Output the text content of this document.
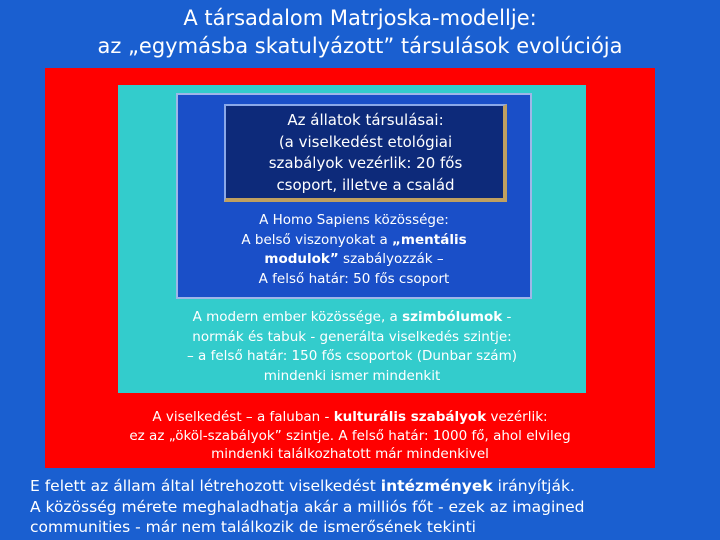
A társadalom Matrjoska-modellje:
az „egymásba skatulyázott” társulások evolúciója
Az állatok társulásai:
(a viselkedést etológiai
szabályok vezérlik: 20 fős
csoport, illetve a család
A Homo Sapiens közössége:
A belső viszonyokat a „mentális
modulok” szabályozzák –
A felső határ: 50 fős csoport
A modern ember közössége, a szimbólumok -
normák és tabuk - generálta viselkedés szintje:
– a felső határ: 150 fős csoportok (Dunbar szám)
mindenki ismer mindenkit
A viselkedést – a faluban - kulturális szabályok vezérlik:
ez az „ököl-szabályok” szintje. A felső határ: 1000 fő, ahol elvileg
mindenki találkozhatott már mindenkivel
E felett az állam által létrehozott viselkedést intézmények irányítják.
A közösség mérete meghaladhatja akár a milliós főt - ezek az imagined
communities - már nem találkozik de ismerősének tekinti
